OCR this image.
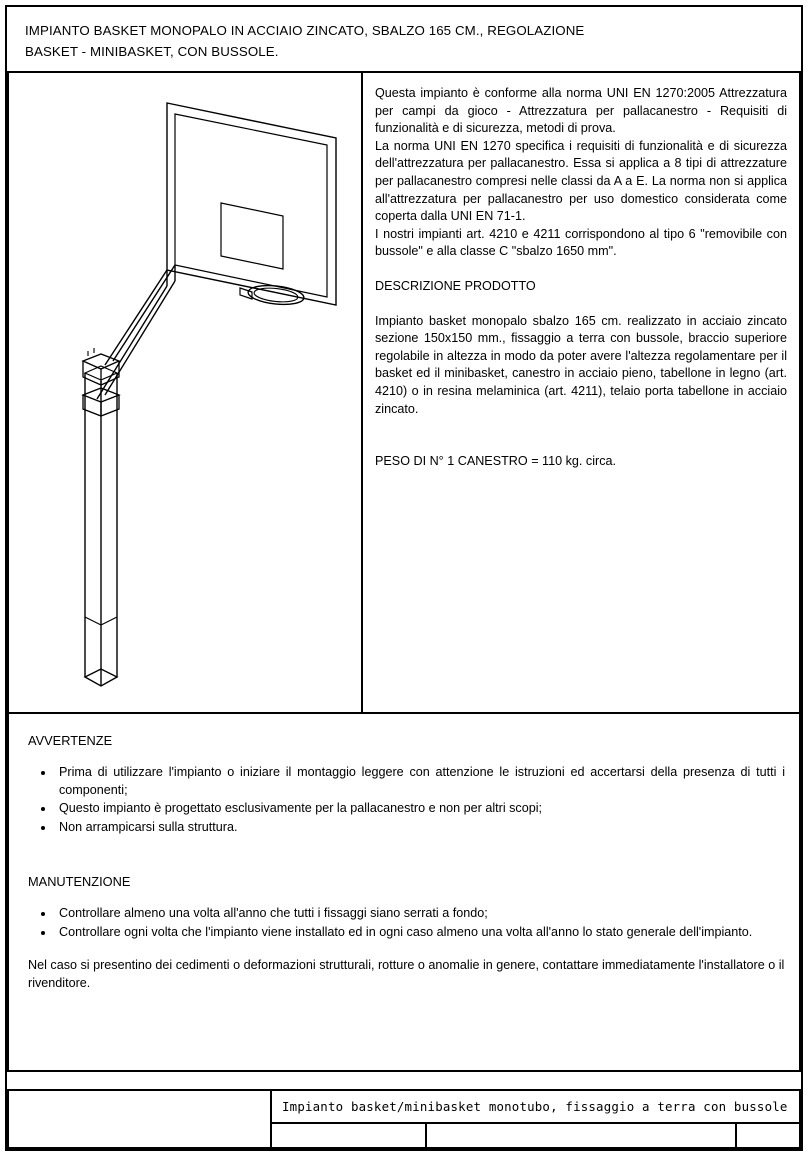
IMPIANTO BASKET MONOPALO IN ACCIAIO ZINCATO, SBALZO 165 CM., REGOLAZIONE
BASKET - MINIBASKET, CON BUSSOLE.

Questa impianto è conforme alla norma UNI EN 1270:2005 Attrezzatura per campi da gioco - Attrezzatura per pallacanestro - Requisiti di funzionalità e di sicurezza, metodi di prova.

La norma UNI EN 1270 specifica i requisiti di funzionalità e di sicurezza dell'attrezzatura per pallacanestro. Essa si applica a 8 tipi di attrezzature per pallacanestro compresi nelle classi da A a E. La norma non si applica all'attrezzatura per pallacanestro per uso domestico considerata come coperta dalla UNI EN 71-1.

I nostri impianti art. 4210 e 4211 corrispondono al tipo 6 "removibile con bussole" e alla classe C "sbalzo 1650 mm".

DESCRIZIONE PRODOTTO

Impianto basket monopalo sbalzo 165 cm. realizzato in acciaio zincato sezione 150x150 mm., fissaggio a terra con bussole, braccio superiore regolabile in altezza in modo da poter avere l'altezza regolamentare per il basket ed il minibasket, canestro in acciaio pieno, tabellone in legno (art. 4210) o in resina melaminica (art. 4211), telaio porta tabellone in acciaio zincato.

PESO DI N° 1 CANESTRO = 110 kg. circa.

AVVERTENZE
• Prima di utilizzare l'impianto o iniziare il montaggio leggere con attenzione le istruzioni ed accertarsi della presenza di tutti i componenti;
• Questo impianto è progettato esclusivamente per la pallacanestro e non per altri scopi;
• Non arrampicarsi sulla struttura.
MANUTENZIONE
• Controllare almeno una volta all'anno che tutti i fissaggi siano serrati a fondo;
• Controllare ogni volta che l'impianto viene installato ed in ogni caso almeno una volta all'anno lo stato generale dell'impianto.

Nel caso si presentino dei cedimenti o deformazioni strutturali, rotture o anomalie in genere, contattare immediatamente l'installatore o il rivenditore.

Impianto basket/minibasket monotubo, fissaggio a terra con bussole
